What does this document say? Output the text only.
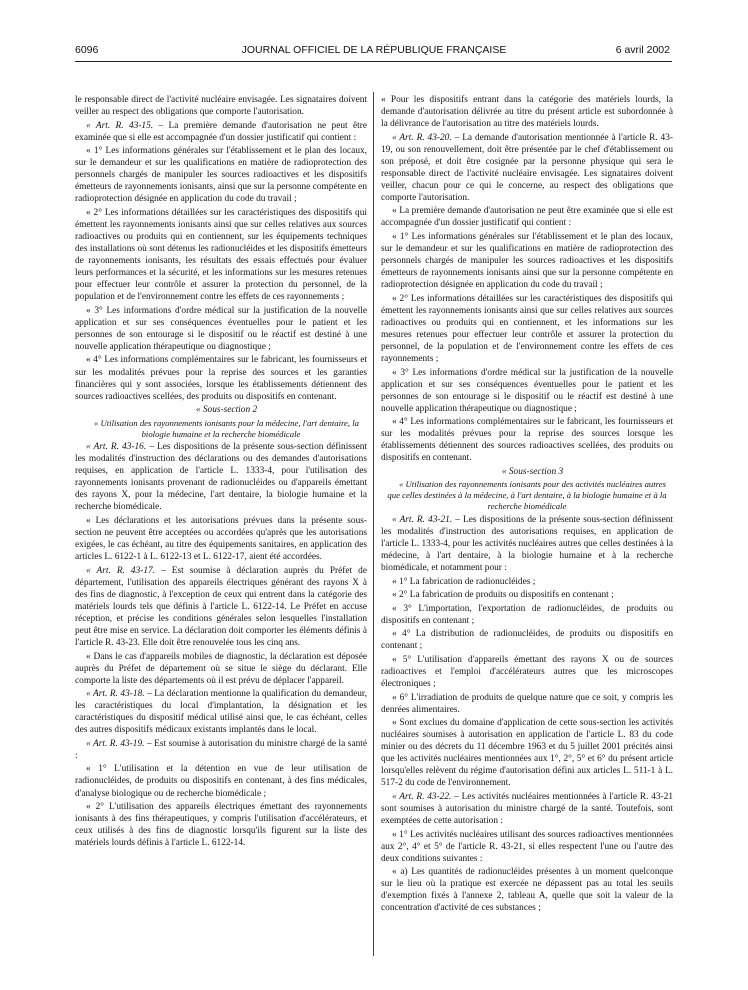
6096	JOURNAL OFFICIEL DE LA RÉPUBLIQUE FRANÇAISE	6 avril 2002

le responsable direct de l'activité nucléaire envisagée. Les signataires doivent veiller au respect des obligations que comporte l'autorisation.

« Art. R. 43-15. – La première demande d'autorisation ne peut être examinée que si elle est accompagnée d'un dossier justificatif qui contient :

« 1° Les informations générales sur l'établissement et le plan des locaux, sur le demandeur et sur les qualifications en matière de radioprotection des personnels chargés de manipuler les sources radioactives et les dispositifs émetteurs de rayonnements ionisants, ainsi que sur la personne compétente en radioprotection désignée en application du code du travail ;

« 2° Les informations détaillées sur les caractéristiques des dispositifs qui émettent les rayonnements ionisants ainsi que sur celles relatives aux sources radioactives ou produits qui en contiennent, sur les équipements techniques des installations où sont détenus les radionucléides et les dispositifs émetteurs de rayonnements ionisants, les résultats des essais effectués pour évaluer leurs performances et la sécurité, et les informations sur les mesures retenues pour effectuer leur contrôle et assurer la protection du personnel, de la population et de l'environnement contre les effets de ces rayonnements ;

« 3° Les informations d'ordre médical sur la justification de la nouvelle application et sur ses conséquences éventuelles pour le patient et les personnes de son entourage si le dispositif ou le réactif est destiné à une nouvelle application thérapeutique ou diagnostique ;

« 4° Les informations complémentaires sur le fabricant, les fournisseurs et sur les modalités prévues pour la reprise des sources et les garanties financières qui y sont associées, lorsque les établissements détiennent des sources radioactives scellées, des produits ou dispositifs en contenant.

« Sous-section 2

« Utilisation des rayonnements ionisants pour la médecine, l'art dentaire, la biologie humaine et la recherche biomédicale

« Art. R. 43-16. – Les dispositions de la présente sous-section définissent les modalités d'instruction des déclarations ou des demandes d'autorisations requises, en application de l'article L. 1333-4, pour l'utilisation des rayonnements ionisants provenant de radionucléides ou d'appareils émettant des rayons X, pour la médecine, l'art dentaire, la biologie humaine et la recherche biomédicale.

« Les déclarations et les autorisations prévues dans la présente sous-section ne peuvent être acceptées ou accordées qu'après que les autorisations exigées, le cas échéant, au titre des équipements sanitaires, en application des articles L. 6122-1 à L. 6122-13 et L. 6122-17, aient été accordées.

« Art. R. 43-17. – Est soumise à déclaration auprès du Préfet de département, l'utilisation des appareils électriques générant des rayons X à des fins de diagnostic, à l'exception de ceux qui entrent dans la catégorie des matériels lourds tels que définis à l'article L. 6122-14. Le Préfet en accuse réception, et précise les conditions générales selon lesquelles l'installation peut être mise en service. La déclaration doit comporter les éléments définis à l'article R. 43-23. Elle doit être renouvelée tous les cinq ans.

« Dans le cas d'appareils mobiles de diagnostic, la déclaration est déposée auprès du Préfet de département où se situe le siège du déclarant. Elle comporte la liste des départements où il est prévu de déplacer l'appareil.

« Art. R. 43-18. – La déclaration mentionne la qualification du demandeur, les caractéristiques du local d'implantation, la désignation et les caractéristiques du dispositif médical utilisé ainsi que, le cas échéant, celles des autres dispositifs médicaux existants implantés dans le local.

« Art. R. 43-19. – Est soumise à autorisation du ministre chargé de la santé :

« 1° L'utilisation et la détention en vue de leur utilisation de radionucléides, de produits ou dispositifs en contenant, à des fins médicales, d'analyse biologique ou de recherche biomédicale ;

« 2° L'utilisation des appareils électriques émettant des rayonnements ionisants à des fins thérapeutiques, y compris l'utilisation d'accélérateurs, et ceux utilisés à des fins de diagnostic lorsqu'ils figurent sur la liste des matériels lourds définis à l'article L. 6122-14.

« Pour les dispositifs entrant dans la catégorie des matériels lourds, la demande d'autorisation délivrée au titre du présent article est subordonnée à la délivrance de l'autorisation au titre des matériels lourds.

« Art. R. 43-20. – La demande d'autorisation mentionnée à l'article R. 43-19, ou son renouvellement, doit être présentée par le chef d'établissement ou son préposé, et doit être cosignée par la personne physique qui sera le responsable direct de l'activité nucléaire envisagée. Les signataires doivent veiller, chacun pour ce qui le concerne, au respect des obligations que comporte l'autorisation.

« La première demande d'autorisation ne peut être examinée que si elle est accompagnée d'un dossier justificatif qui contient :

« 1° Les informations générales sur l'établissement et le plan des locaux, sur le demandeur et sur les qualifications en matière de radioprotection des personnels chargés de manipuler les sources radioactives et les dispositifs émetteurs de rayonnements ionisants ainsi que sur la personne compétente en radioprotection désignée en application du code du travail ;

« 2° Les informations détaillées sur les caractéristiques des dispositifs qui émettent les rayonnements ionisants ainsi que sur celles relatives aux sources radioactives ou produits qui en contiennent, et les informations sur les mesures retenues pour effectuer leur contrôle et assurer la protection du personnel, de la population et de l'environnement contre les effets de ces rayonnements ;

« 3° Les informations d'ordre médical sur la justification de la nouvelle application et sur ses conséquences éventuelles pour le patient et les personnes de son entourage si le dispositif ou le réactif est destiné à une nouvelle application thérapeutique ou diagnostique ;

« 4° Les informations complémentaires sur le fabricant, les fournisseurs et sur les modalités prévues pour la reprise des sources lorsque les établissements détiennent des sources radioactives scellées, des produits ou dispositifs en contenant.

« Sous-section 3

« Utilisation des rayonnements ionisants pour des activités nucléaires autres que celles destinées à la médecine, à l'art dentaire, à la biologie humaine et à la recherche biomédicale

« Art. R. 43-21. – Les dispositions de la présente sous-section définissent les modalités d'instruction des autorisations requises, en application de l'article L. 1333-4, pour les activités nucléaires autres que celles destinées à la médecine, à l'art dentaire, à la biologie humaine et à la recherche biomédicale, et notamment pour :

« 1° La fabrication de radionucléides ;

« 2° La fabrication de produits ou dispositifs en contenant ;

« 3° L'importation, l'exportation de radionucléides, de produits ou dispositifs en contenant ;

« 4° La distribution de radionucléides, de produits ou dispositifs en contenant ;

« 5° L'utilisation d'appareils émettant des rayons X ou de sources radioactives et l'emploi d'accélérateurs autres que les microscopes électroniques ;

« 6° L'irradiation de produits de quelque nature que ce soit, y compris les denrées alimentaires.

« Sont exclues du domaine d'application de cette sous-section les activités nucléaires soumises à autorisation en application de l'article L. 83 du code minier ou des décrets du 11 décembre 1963 et du 5 juillet 2001 précités ainsi que les activités nucléaires mentionnées aux 1°, 2°, 5° et 6° du présent article lorsqu'elles relèvent du régime d'autorisation défini aux articles L. 511-1 à L. 517-2 du code de l'environnement.

« Art. R. 43-22. – Les activités nucléaires mentionnées à l'article R. 43-21 sont soumises à autorisation du ministre chargé de la santé. Toutefois, sont exemptées de cette autorisation :

« 1° Les activités nucléaires utilisant des sources radioactives mentionnées aux 2°, 4° et 5° de l'article R. 43-21, si elles respectent l'une ou l'autre des deux conditions suivantes :

« a) Les quantités de radionucléides présentes à un moment quelconque sur le lieu où la pratique est exercée ne dépassent pas au total les seuils d'exemption fixés à l'annexe 2, tableau A, quelle que soit la valeur de la concentration d'activité de ces substances ;
